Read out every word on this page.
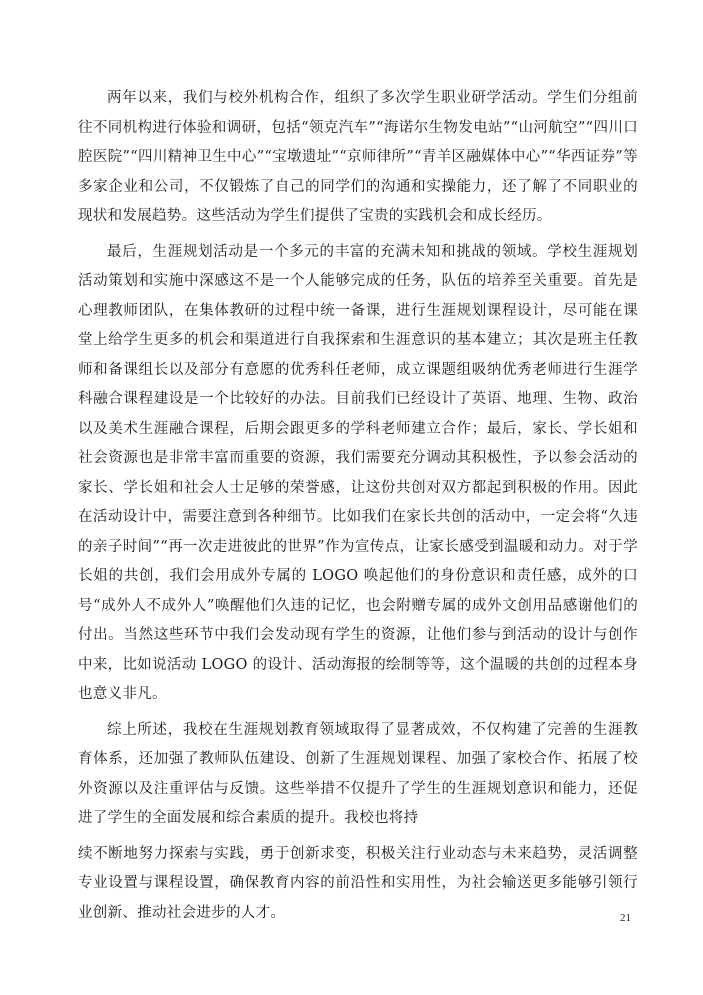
两年以来，我们与校外机构合作，组织了多次学生职业研学活动。学生们分组前往不同机构进行体验和调研，包括“领克汽车”“海诺尔生物发电站”“山河航空”“四川口腔医院”“四川精神卫生中心”“宝墩遗址”“京师律所”“青羊区融媒体中心”“华西证券”等多家企业和公司，不仅锻炼了自己的同学们的沟通和实操能力，还了解了不同职业的现状和发展趋势。这些活动为学生们提供了宝贵的实践机会和成长经历。

最后，生涯规划活动是一个多元的丰富的充满未知和挑战的领域。学校生涯规划活动策划和实施中深感这不是一个人能够完成的任务，队伍的培养至关重要。首先是心理教师团队，在集体教研的过程中统一备课，进行生涯规划课程设计，尽可能在课堂上给学生更多的机会和渠道进行自我探索和生涯意识的基本建立；其次是班主任教师和备课组长以及部分有意愿的优秀科任老师，成立课题组吸纳优秀老师进行生涯学科融合课程建设是一个比较好的办法。目前我们已经设计了英语、地理、生物、政治以及美术生涯融合课程，后期会跟更多的学科老师建立合作；最后，家长、学长姐和社会资源也是非常丰富而重要的资源，我们需要充分调动其积极性，予以参会活动的家长、学长姐和社会人士足够的荣誉感，让这份共创对双方都起到积极的作用。因此在活动设计中，需要注意到各种细节。比如我们在家长共创的活动中，一定会将“久违的亲子时间”“再一次走进彼此的世界”作为宣传点，让家长感受到温暖和动力。对于学长姐的共创，我们会用成外专属的 LOGO 唤起他们的身份意识和责任感，成外的口号“成外人不成外人”唤醒他们久违的记忆，也会附赠专属的成外文创用品感谢他们的付出。当然这些环节中我们会发动现有学生的资源，让他们参与到活动的设计与创作中来，比如说活动 LOGO 的设计、活动海报的绘制等等，这个温暖的共创的过程本身也意义非凡。

综上所述，我校在生涯规划教育领域取得了显著成效，不仅构建了完善的生涯教育体系，还加强了教师队伍建设、创新了生涯规划课程、加强了家校合作、拓展了校外资源以及注重评估与反馈。这些举措不仅提升了学生的生涯规划意识和能力，还促进了学生的全面发展和综合素质的提升。我校也将持

续不断地努力探索与实践，勇于创新求变，积极关注行业动态与未来趋势，灵活调整专业设置与课程设置，确保教育内容的前沿性和实用性，为社会输送更多能够引领行业创新、推动社会进步的人才。	21
